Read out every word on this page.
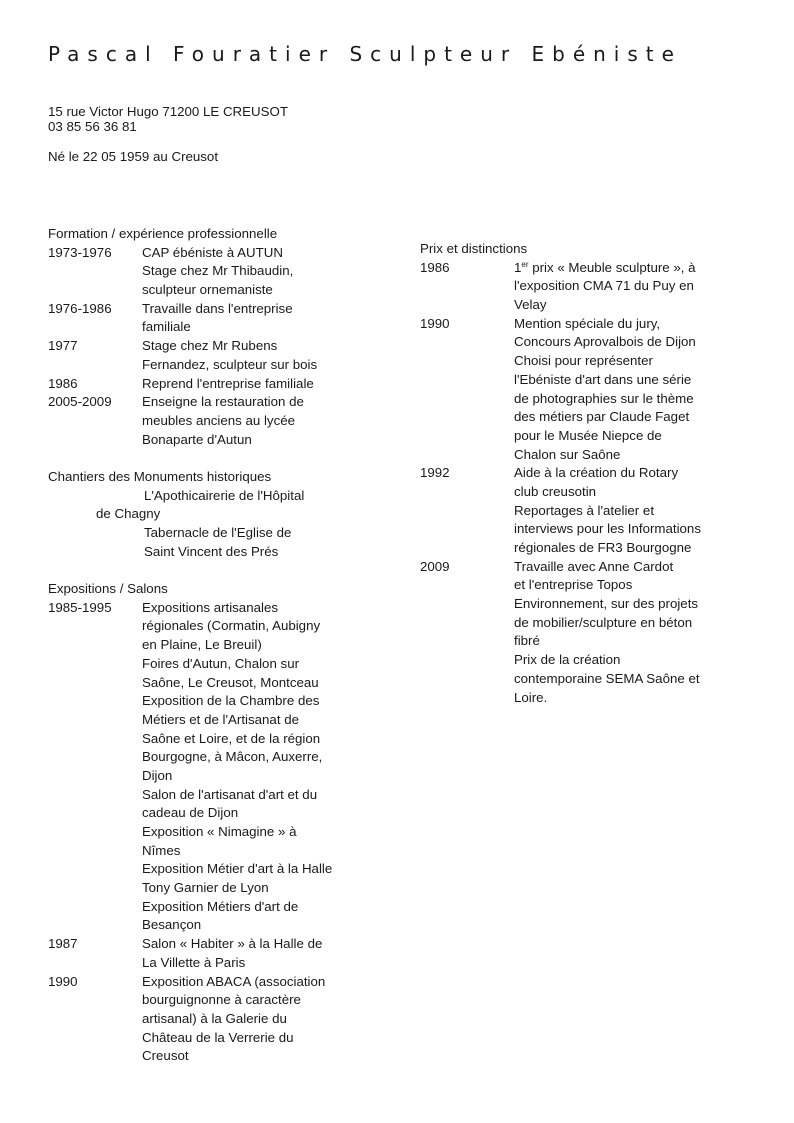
Pascal Fouratier Sculpteur Ebéniste
15 rue Victor Hugo 71200 LE CREUSOT
03 85 56 36 81
Né le 22 05 1959 au Creusot
Formation / expérience professionnelle
1973-1976	CAP ébéniste à AUTUN
Stage chez Mr Thibaudin,
sculpteur ornemaniste
1976-1986	Travaille dans l'entreprise
familiale
1977	Stage chez Mr Rubens
Fernandez, sculpteur sur bois
1986	Reprend l'entreprise familiale
2005-2009	Enseigne la restauration de
meubles anciens au lycée
Bonaparte d'Autun
Chantiers des Monuments historiques
L'Apothicairerie de l'Hôpital
de Chagny
Tabernacle de l'Eglise de
Saint Vincent des Prés
Expositions / Salons
1985-1995	Expositions artisanales
régionales (Cormatin, Aubigny
en Plaine, Le Breuil)
Foires d'Autun, Chalon sur
Saône, Le Creusot, Montceau
Exposition de la Chambre des
Métiers et de l'Artisanat de
Saône et Loire, et de la région
Bourgogne, à Mâcon, Auxerre,
Dijon
Salon de l'artisanat d'art et du
cadeau de Dijon
Exposition « Nimagine » à
Nîmes
Exposition Métier d'art à la Halle
Tony Garnier de Lyon
Exposition Métiers d'art de
Besançon
1987	Salon « Habiter » à la Halle de
La Villette à Paris
1990	Exposition ABACA (association
bourguignonne à caractère
artisanal) à la Galerie du
Château de la Verrerie du
Creusot
Prix et distinctions
1986	1er prix « Meuble sculpture », à
l'exposition CMA 71 du Puy en
Velay
1990	Mention spéciale du jury,
Concours Aprovalbois de Dijon
Choisi pour représenter
l'Ebéniste d'art dans une série
de photographies sur le thème
des métiers par Claude Faget
pour le Musée Niepce de
Chalon sur Saône
1992	Aide à la création du Rotary
club creusotin
Reportages à l'atelier et
interviews pour les Informations
régionales de FR3 Bourgogne
2009	Travaille avec Anne Cardot
et l'entreprise Topos
Environnement, sur des projets
de mobilier/sculpture en béton
fibré
Prix de la création
contemporaine SEMA Saône et
Loire.
